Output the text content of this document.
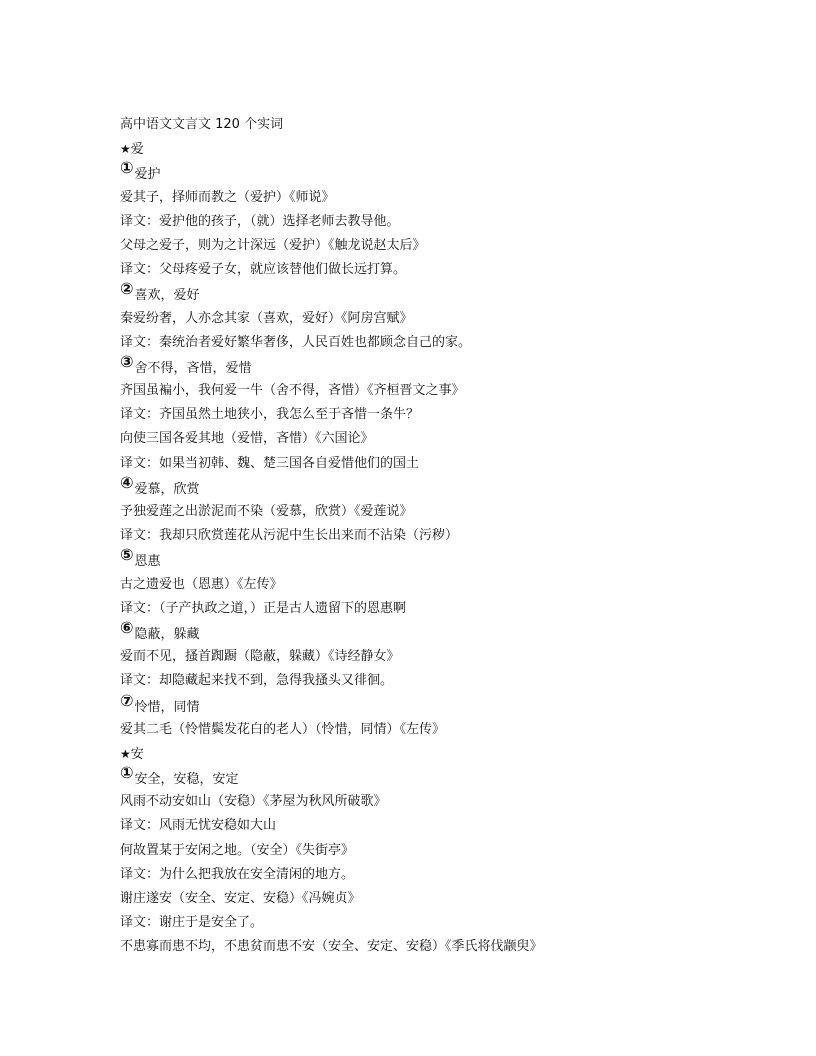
高中语文文言文 120 个实词
★爱
①爱护
爱其子，择师而教之（爱护）《师说》
译文：爱护他的孩子，（就）选择老师去教导他。
父母之爱子，则为之计深远（爱护）《触龙说赵太后》
译文：父母疼爱子女，就应该替他们做长远打算。
②喜欢，爱好
秦爱纷奢，人亦念其家（喜欢，爱好）《阿房宫赋》
译文：秦统治者爱好繁华奢侈，人民百姓也都顾念自己的家。
③舍不得，吝惜，爱惜
齐国虽褊小，我何爱一牛（舍不得，吝惜）《齐桓晋文之事》
译文：齐国虽然土地狭小，我怎么至于吝惜一条牛？
向使三国各爱其地（爱惜，吝惜）《六国论》
译文：如果当初韩、魏、楚三国各自爱惜他们的国土
④爱慕，欣赏
予独爱莲之出淤泥而不染（爱慕，欣赏）《爱莲说》
译文：我却只欣赏莲花从污泥中生长出来而不沾染（污秽）
⑤恩惠
古之遗爱也（恩惠）《左传》
译文：（子产执政之道，）正是古人遗留下的恩惠啊
⑥隐蔽，躲藏
爱而不见，搔首踟蹰（隐蔽，躲藏）《诗经静女》
译文：却隐藏起来找不到，急得我搔头又徘徊。
⑦怜惜，同情
爱其二毛（怜惜鬓发花白的老人）（怜惜，同情）《左传》
★安
①安全，安稳，安定
风雨不动安如山（安稳）《茅屋为秋风所破歌》
译文：风雨无忧安稳如大山
何故置某于安闲之地。（安全）《失街亭》
译文：为什么把我放在安全清闲的地方。
谢庄遂安（安全、安定、安稳）《冯婉贞》
译文：谢庄于是安全了。
不患寡而患不均，不患贫而患不安（安全、安定、安稳）《季氏将伐颛臾》
